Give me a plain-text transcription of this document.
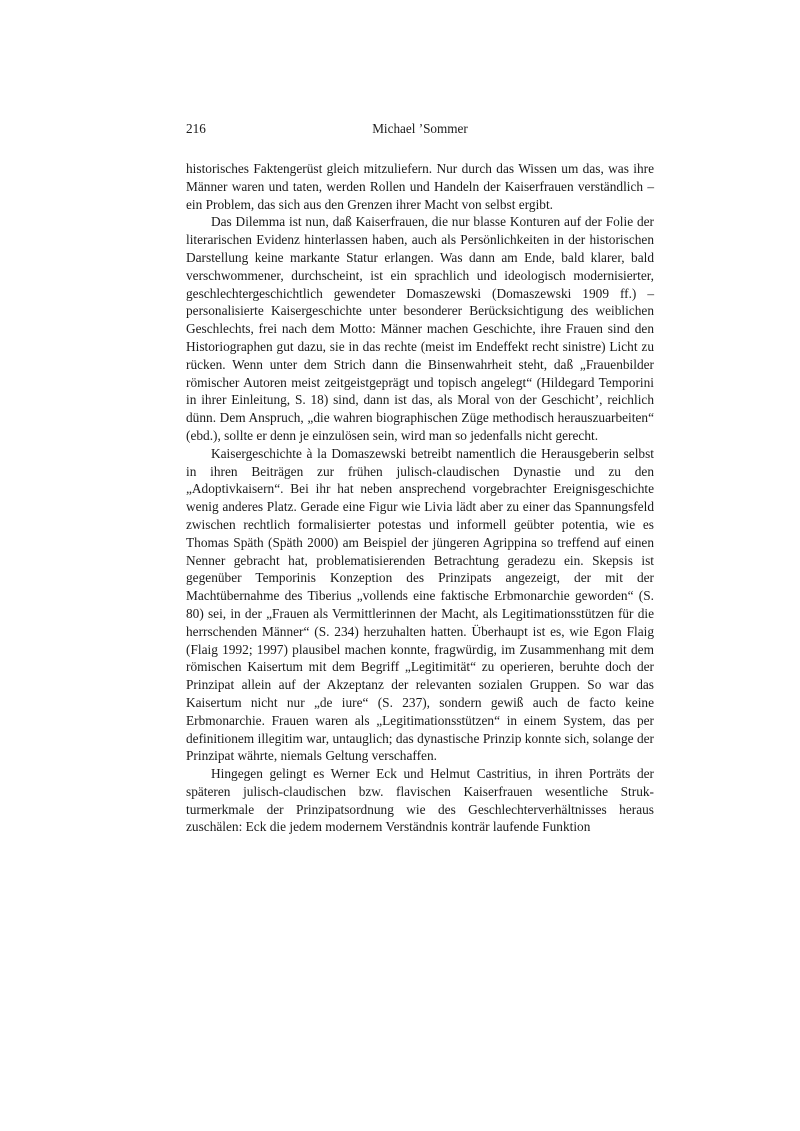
216	Michael ’Sommer

historisches Faktengerüst gleich mitzuliefern. Nur durch das Wissen um das, was ihre Männer waren und taten, werden Rollen und Handeln der Kaiserfrauen verständlich – ein Problem, das sich aus den Grenzen ihrer Macht von selbst ergibt.

Das Dilemma ist nun, daß Kaiserfrauen, die nur blasse Konturen auf der Folie der literarischen Evidenz hinterlassen haben, auch als Persönlichkeiten in der historischen Darstellung keine markante Statur erlangen. Was dann am Ende, bald klarer, bald verschwommener, durchscheint, ist ein sprachlich und ideologisch modernisierter, geschlechtergeschichtlich gewendeter Domaszewski (Domaszewski 1909 ff.) – personalisierte Kaisergeschichte unter besonderer Berücksichtigung des weiblichen Geschlechts, frei nach dem Motto: Männer machen Geschichte, ihre Frauen sind den Historiographen gut dazu, sie in das rechte (meist im Endeffekt recht sinistre) Licht zu rücken. Wenn unter dem Strich dann die Binsenwahrheit steht, daß „Frauenbilder römischer Autoren meist zeitgeistgeprägt und topisch angelegt“ (Hildegard Temporini in ihrer Einleitung, S. 18) sind, dann ist das, als Moral von der Geschicht’, reichlich dünn. Dem Anspruch, „die wahren biographischen Züge methodisch herauszuarbeiten“ (ebd.), sollte er denn je einzulösen sein, wird man so jedenfalls nicht gerecht.

Kaisergeschichte à la Domaszewski betreibt namentlich die Herausgeberin selbst in ihren Beiträgen zur frühen julisch-claudischen Dynastie und zu den „Adoptivkaisern“. Bei ihr hat neben ansprechend vorgebrachter Ereignisgeschichte wenig anderes Platz. Gerade eine Figur wie Livia lädt aber zu einer das Spannungsfeld zwischen rechtlich formalisierter potestas und informell geübter potentia, wie es Thomas Späth (Späth 2000) am Beispiel der jüngeren Agrippina so treffend auf einen Nenner gebracht hat, problematisierenden Betrachtung geradezu ein. Skepsis ist gegenüber Temporinis Konzeption des Prinzipats angezeigt, der mit der Machtübernahme des Tiberius „vollends eine faktische Erbmonarchie geworden“ (S. 80) sei, in der „Frauen als Vermittlerinnen der Macht, als Legitimationsstützen für die herrschenden Männer“ (S. 234) herzuhalten hatten. Überhaupt ist es, wie Egon Flaig (Flaig 1992; 1997) plausibel machen konnte, fragwürdig, im Zusammenhang mit dem römischen Kaisertum mit dem Begriff „Legitimität“ zu operieren, beruhte doch der Prinzipat allein auf der Akzeptanz der relevanten sozialen Gruppen. So war das Kaisertum nicht nur „de iure“ (S. 237), sondern gewiß auch de facto keine Erbmonarchie. Frauen waren als „Legitimationsstützen“ in einem System, das per definitionem illegitim war, untauglich; das dynastische Prinzip konnte sich, solange der Prinzipat währte, niemals Geltung verschaffen.

Hingegen gelingt es Werner Eck und Helmut Castritius, in ihren Porträts der späteren julisch-claudischen bzw. flavischen Kaiserfrauen wesentliche Strukturmerkmale der Prinzipatsordnung wie des Geschlechterverhältnisses heraus zuschälen: Eck die jedem modernem Verständnis konträr laufende Funktion
